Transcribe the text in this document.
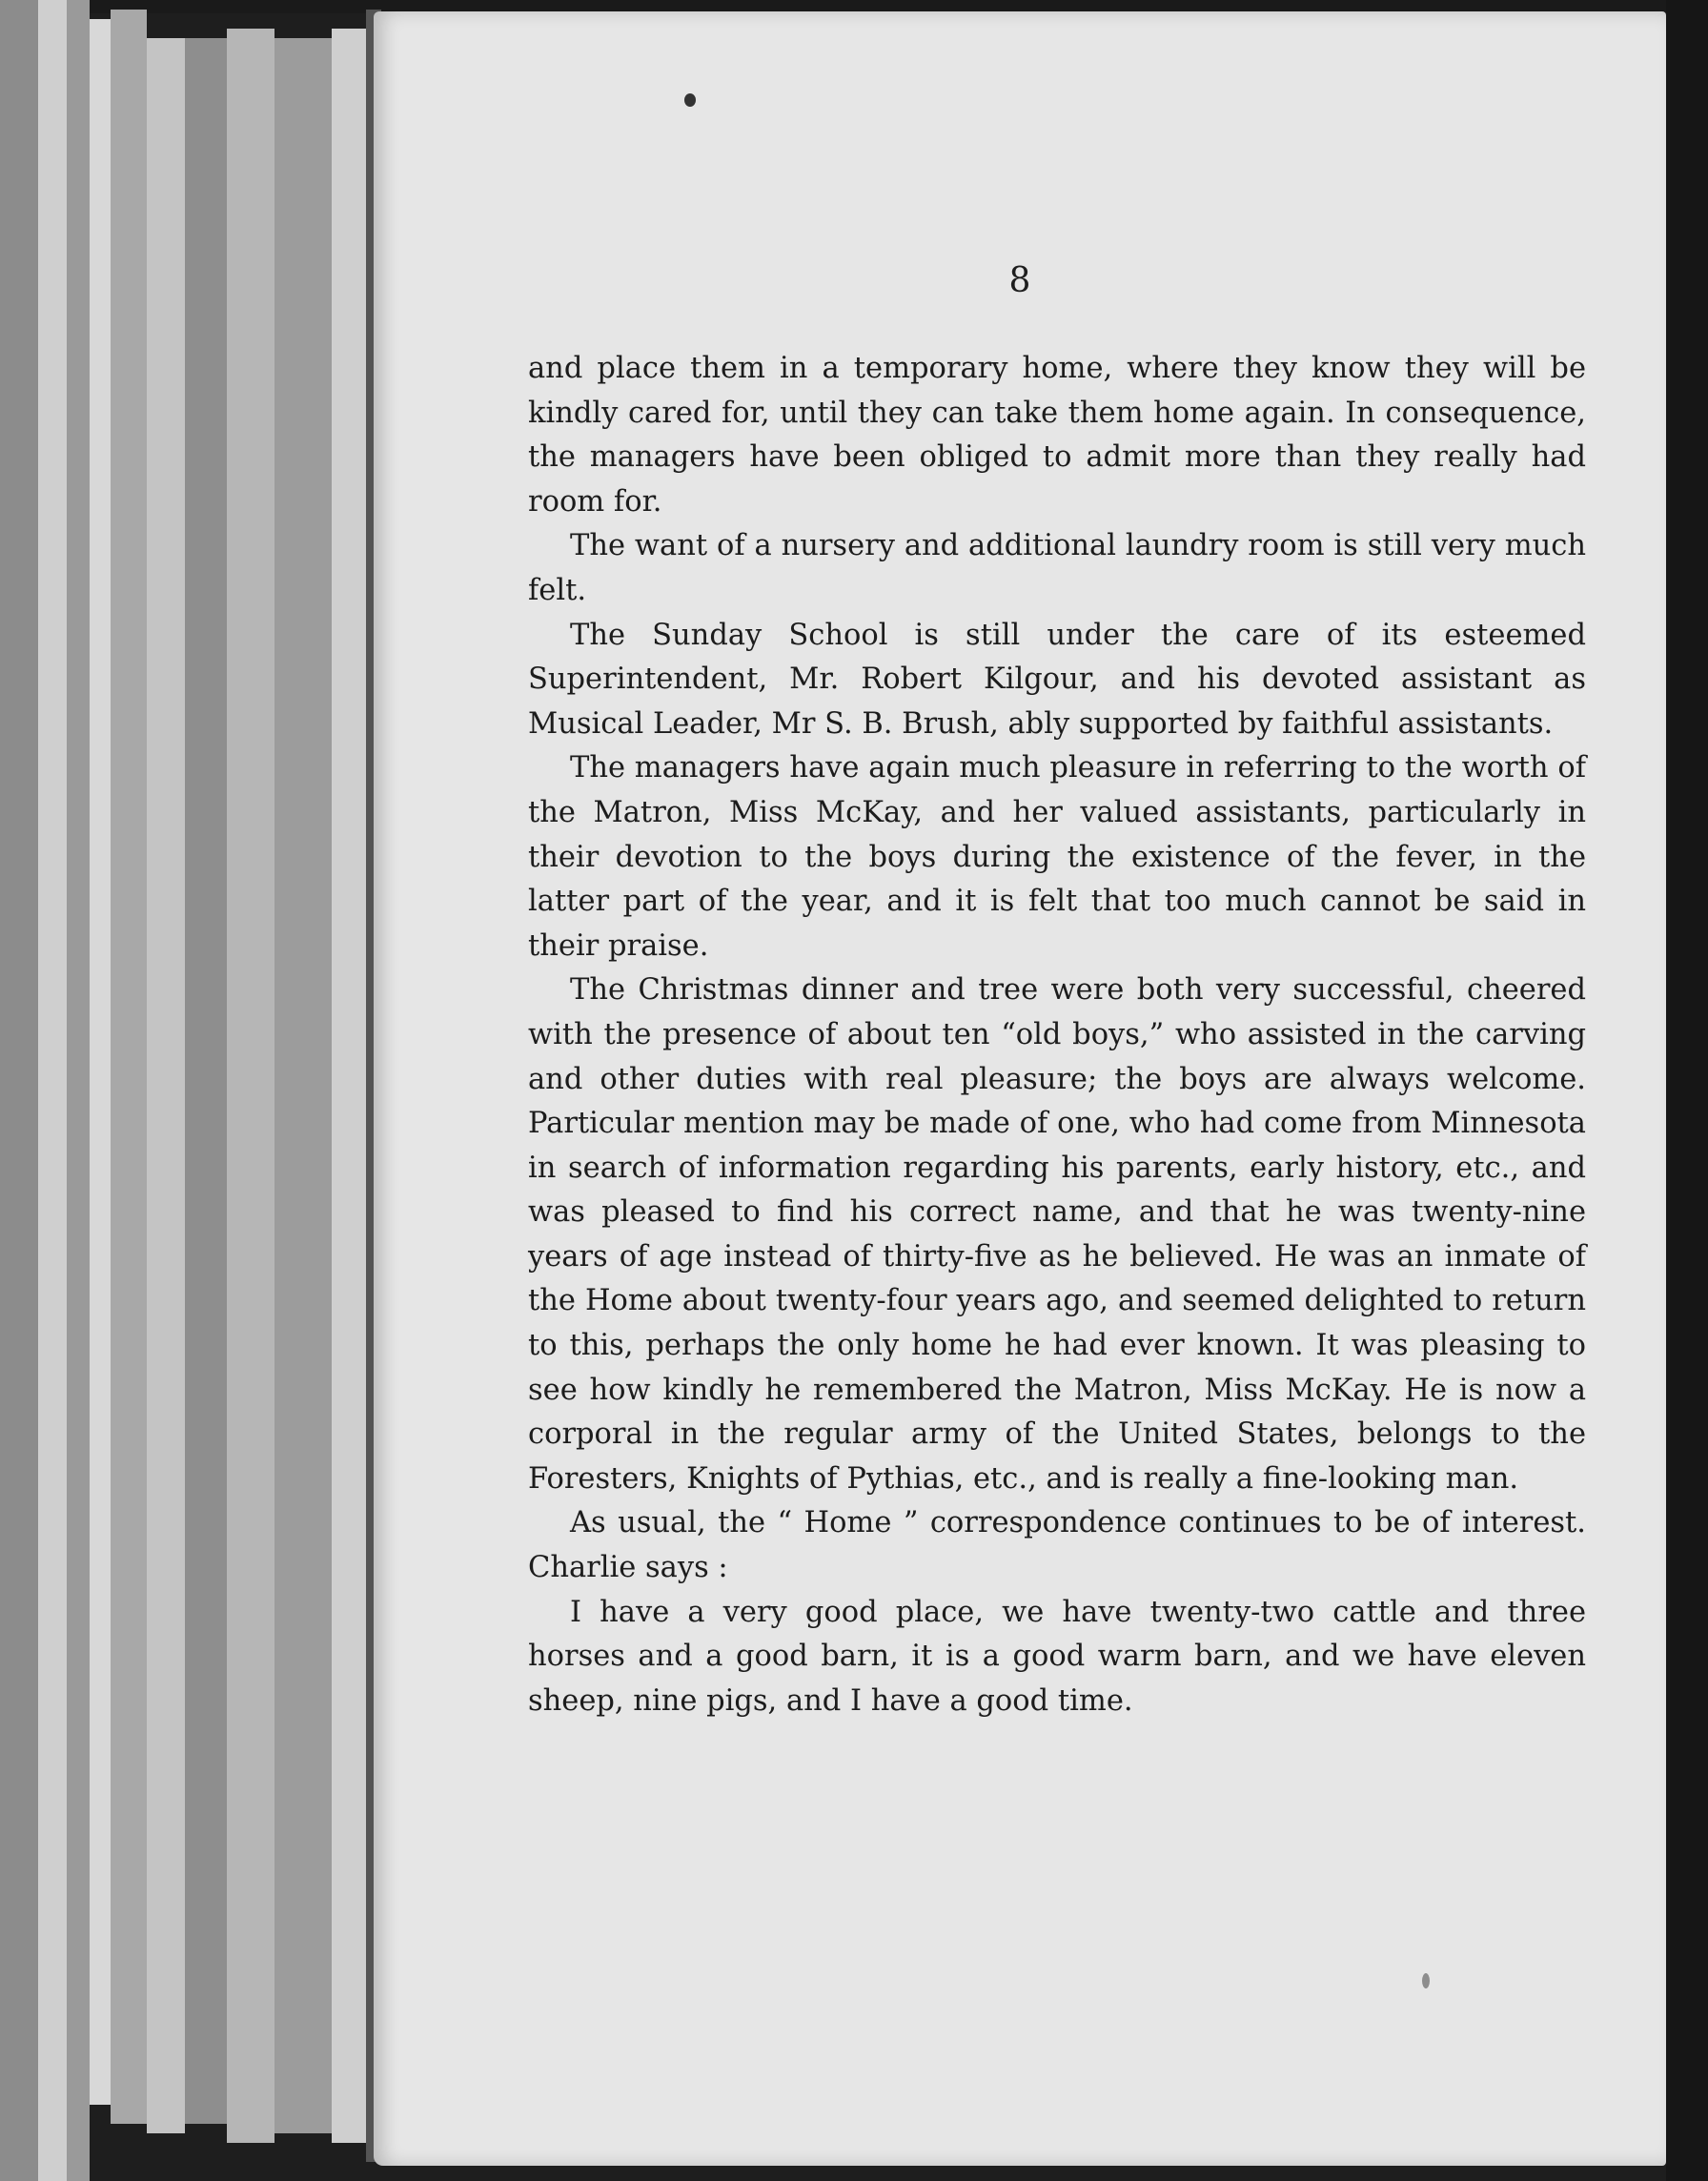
8

and place them in a temporary home, where they know they will be kindly cared for, until they can take them home again. In consequence, the managers have been obliged to admit more than they really had room for.

The want of a nursery and additional laundry room is still very much felt.

The Sunday School is still under the care of its esteemed Superintendent, Mr. Robert Kilgour, and his devoted assistant as Musical Leader, Mr S. B. Brush, ably supported by faithful assistants.

The managers have again much pleasure in referring to the worth of the Matron, Miss McKay, and her valued assistants, particularly in their devotion to the boys during the existence of the fever, in the latter part of the year, and it is felt that too much cannot be said in their praise.

The Christmas dinner and tree were both very successful, cheered with the presence of about ten “old boys,” who assisted in the carving and other duties with real pleasure; the boys are always welcome. Particular mention may be made of one, who had come from Minnesota in search of information regarding his parents, early history, etc., and was pleased to find his correct name, and that he was twenty-nine years of age instead of thirty-five as he believed. He was an inmate of the Home about twenty-four years ago, and seemed delighted to return to this, perhaps the only home he had ever known. It was pleasing to see how kindly he remembered the Matron, Miss McKay. He is now a corporal in the regular army of the United States, belongs to the Foresters, Knights of Pythias, etc., and is really a fine-looking man.

As usual, the “ Home ” correspondence continues to be of interest. Charlie says :

I have a very good place, we have twenty-two cattle and three horses and a good barn, it is a good warm barn, and we have eleven sheep, nine pigs, and I have a good time.
